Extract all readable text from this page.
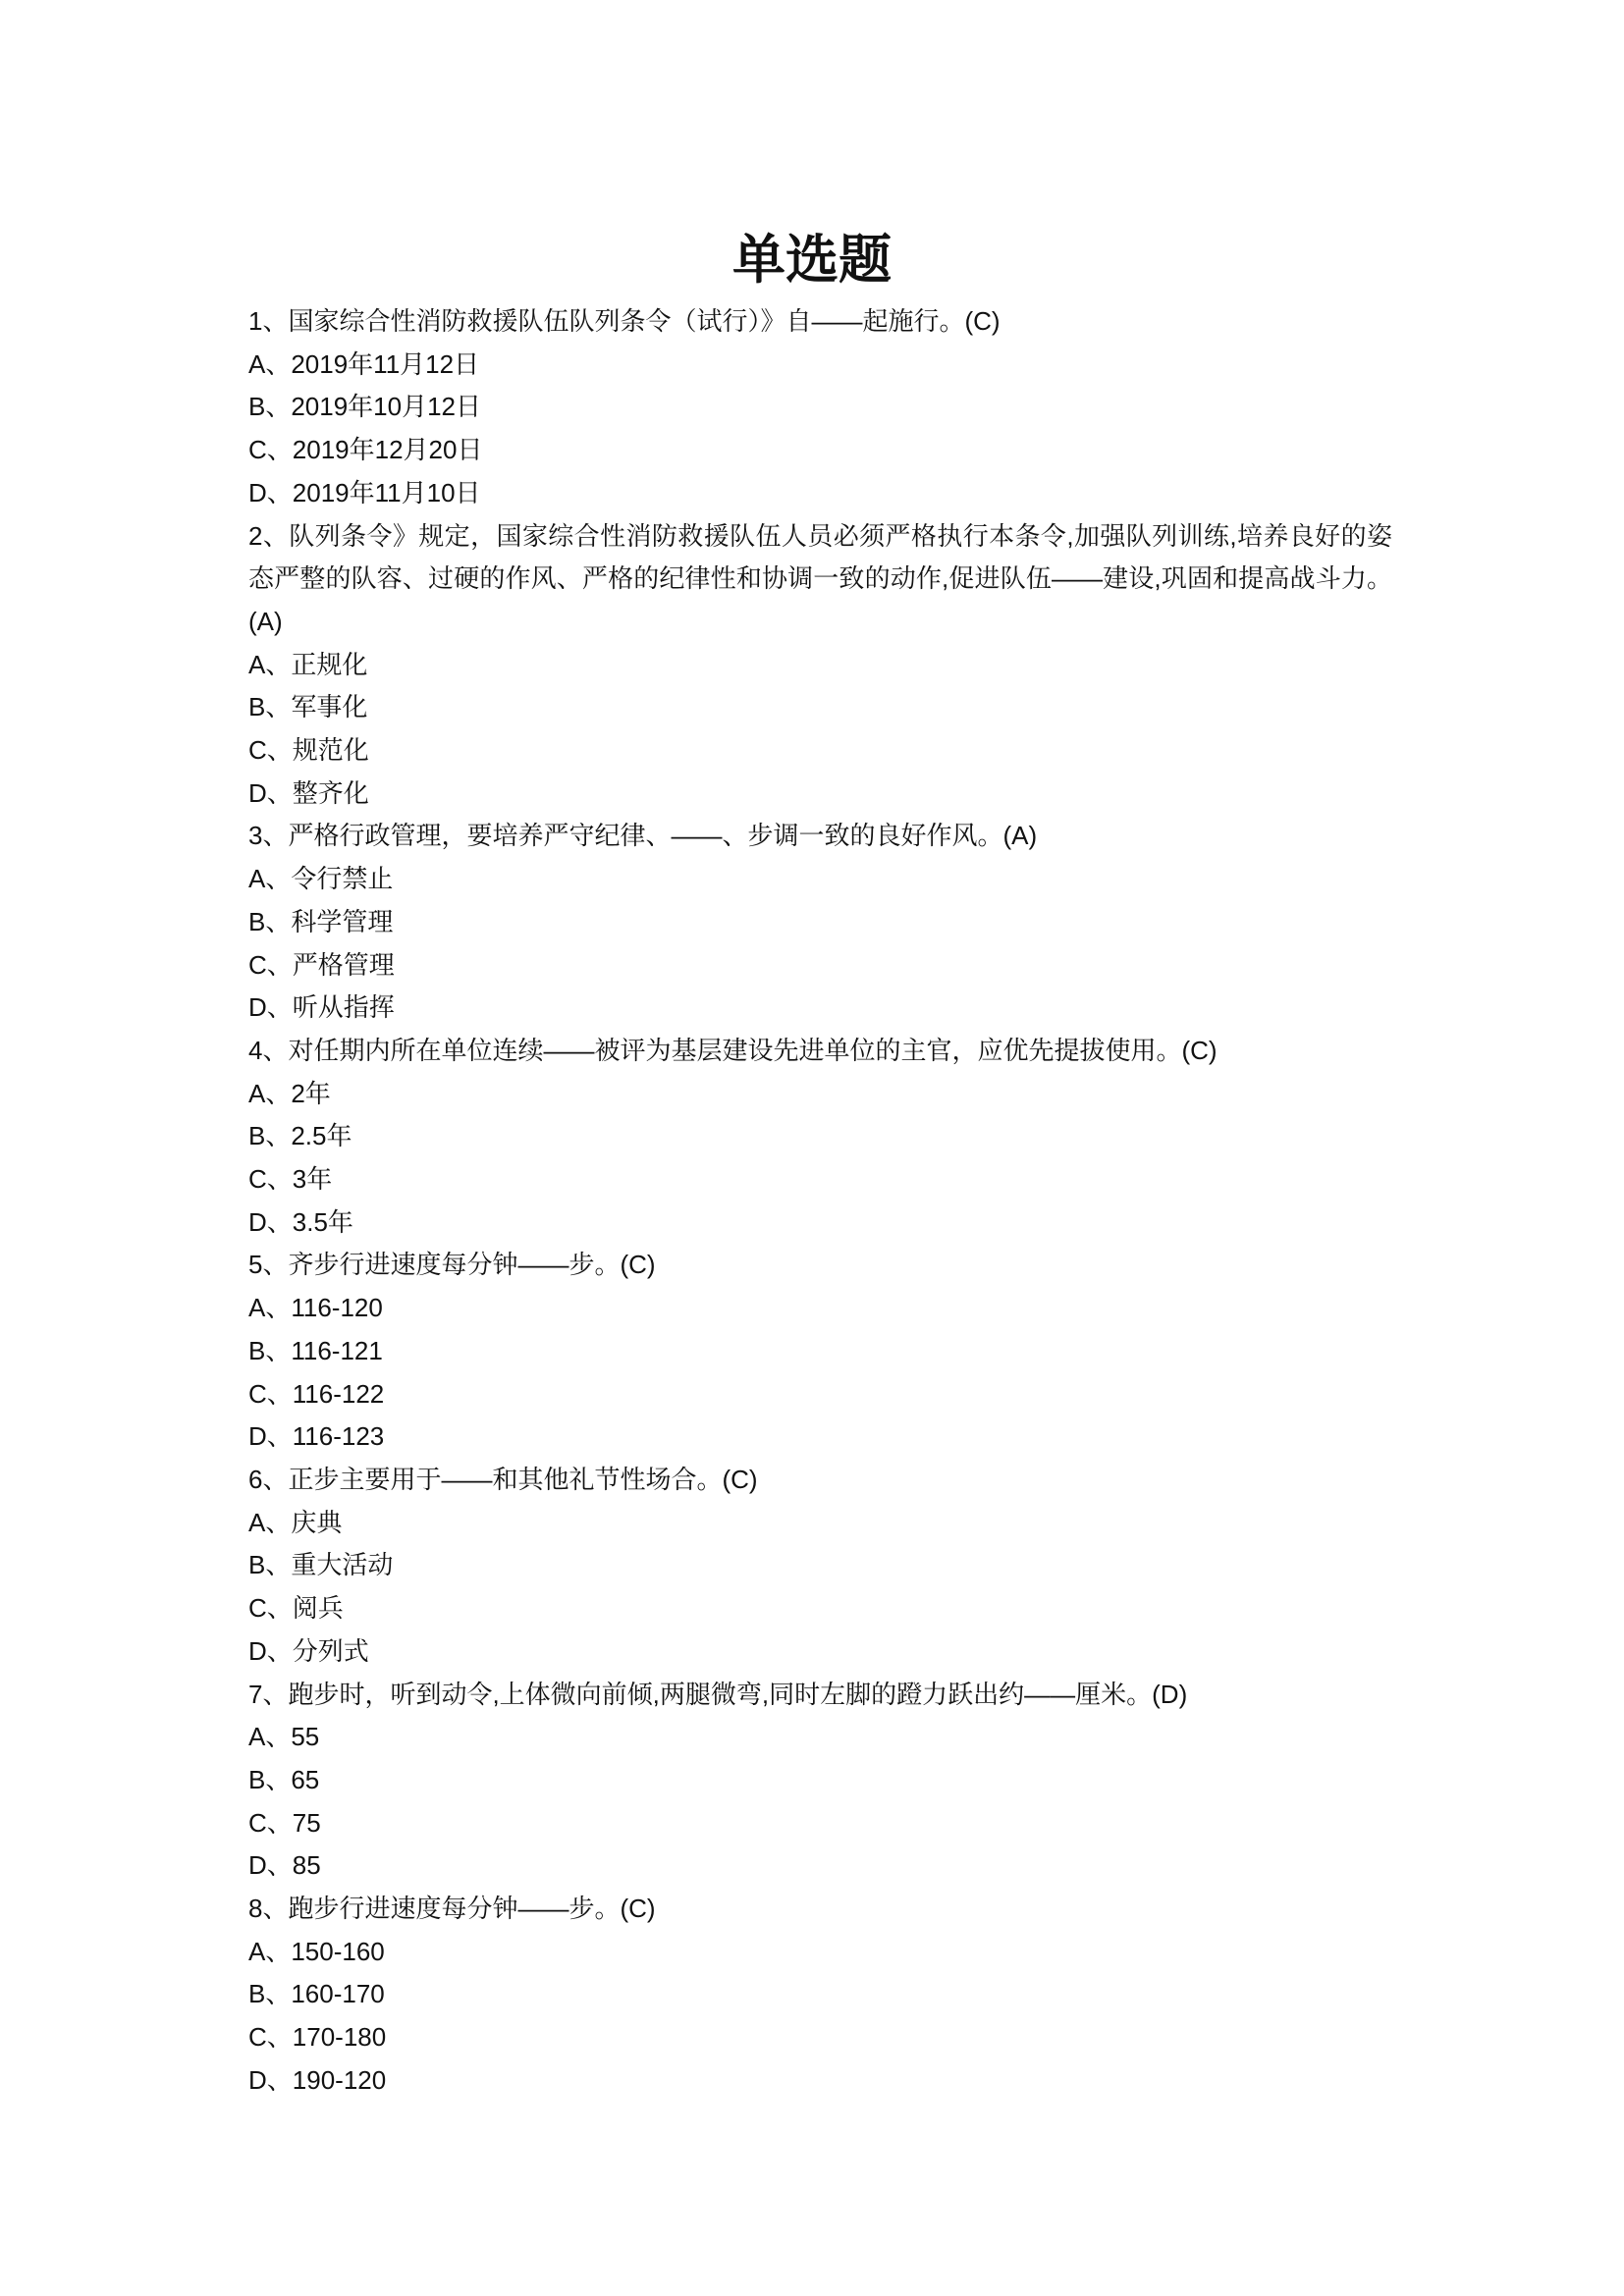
单选题
1、国家综合性消防救援队伍队列条令（试行）》自——起施行。(C)
A、2019年11月12日
B、2019年10月12日
C、2019年12月20日
D、2019年11月10日
2、队列条令》规定，国家综合性消防救援队伍人员必须严格执行本条令,加强队列训练,培养良好的姿态严整的队容、过硬的作风、严格的纪律性和协调一致的动作,促进队伍——建设,巩固和提高战斗力。(A)
A、正规化
B、军事化
C、规范化
D、整齐化
3、严格行政管理，要培养严守纪律、——、步调一致的良好作风。(A)
A、令行禁止
B、科学管理
C、严格管理
D、听从指挥
4、对任期内所在单位连续——被评为基层建设先进单位的主官，应优先提拔使用。(C)
A、2年
B、2.5年
C、3年
D、3.5年
5、齐步行进速度每分钟——步。(C)
A、116-120
B、116-121
C、116-122
D、116-123
6、正步主要用于——和其他礼节性场合。(C)
A、庆典
B、重大活动
C、阅兵
D、分列式
7、跑步时，听到动令,上体微向前倾,两腿微弯,同时左脚的蹬力跃出约——厘米。(D)
A、55
B、65
C、75
D、85
8、跑步行进速度每分钟——步。(C)
A、150-160
B、160-170
C、170-180
D、190-120
